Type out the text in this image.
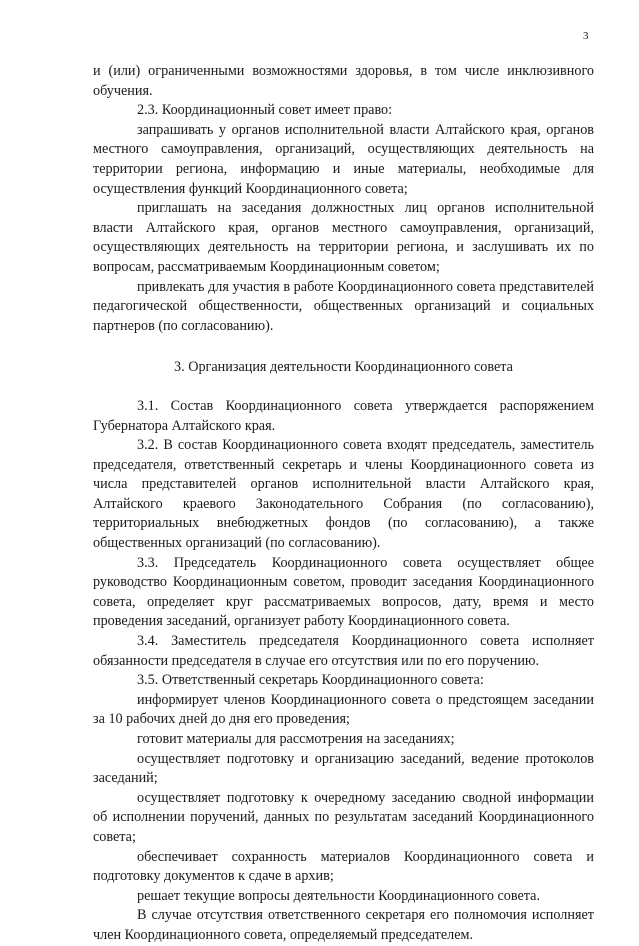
3

и (или) ограниченными возможностями здоровья, в том числе инклюзивного обучения.

2.3. Координационный совет имеет право:

запрашивать у органов исполнительной власти Алтайского края, органов местного самоуправления, организаций, осуществляющих деятельность на территории региона, информацию и иные материалы, необходимые для осуществления функций Координационного совета;

приглашать на заседания должностных лиц органов исполнительной власти Алтайского края, органов местного самоуправления, организаций, осуществляющих деятельность на территории региона, и заслушивать их по вопросам, рассматриваемым Координационным советом;

привлекать для участия в работе Координационного совета представителей педагогической общественности, общественных организаций и социальных партнеров (по согласованию).

3. Организация деятельности Координационного совета

3.1. Состав Координационного совета утверждается распоряжением Губернатора Алтайского края.

3.2. В состав Координационного совета входят председатель, заместитель председателя, ответственный секретарь и члены Координационного совета из числа представителей органов исполнительной власти Алтайского края, Алтайского краевого Законодательного Собрания (по согласованию), территориальных внебюджетных фондов (по согласованию), а также общественных организаций (по согласованию).

3.3. Председатель Координационного совета осуществляет общее руководство Координационным советом, проводит заседания Координационного совета, определяет круг рассматриваемых вопросов, дату, время и место проведения заседаний, организует работу Координационного совета.

3.4. Заместитель председателя Координационного совета исполняет обязанности председателя в случае его отсутствия или по его поручению.

3.5. Ответственный секретарь Координационного совета:

информирует членов Координационного совета о предстоящем заседании за 10 рабочих дней до дня его проведения;

готовит материалы для рассмотрения на заседаниях;

осуществляет подготовку и организацию заседаний, ведение протоколов заседаний;

осуществляет подготовку к очередному заседанию сводной информации об исполнении поручений, данных по результатам заседаний Координационного совета;

обеспечивает сохранность материалов Координационного совета и подготовку документов к сдаче в архив;

решает текущие вопросы деятельности Координационного совета.

В случае отсутствия ответственного секретаря его полномочия исполняет член Координационного совета, определяемый председателем.
